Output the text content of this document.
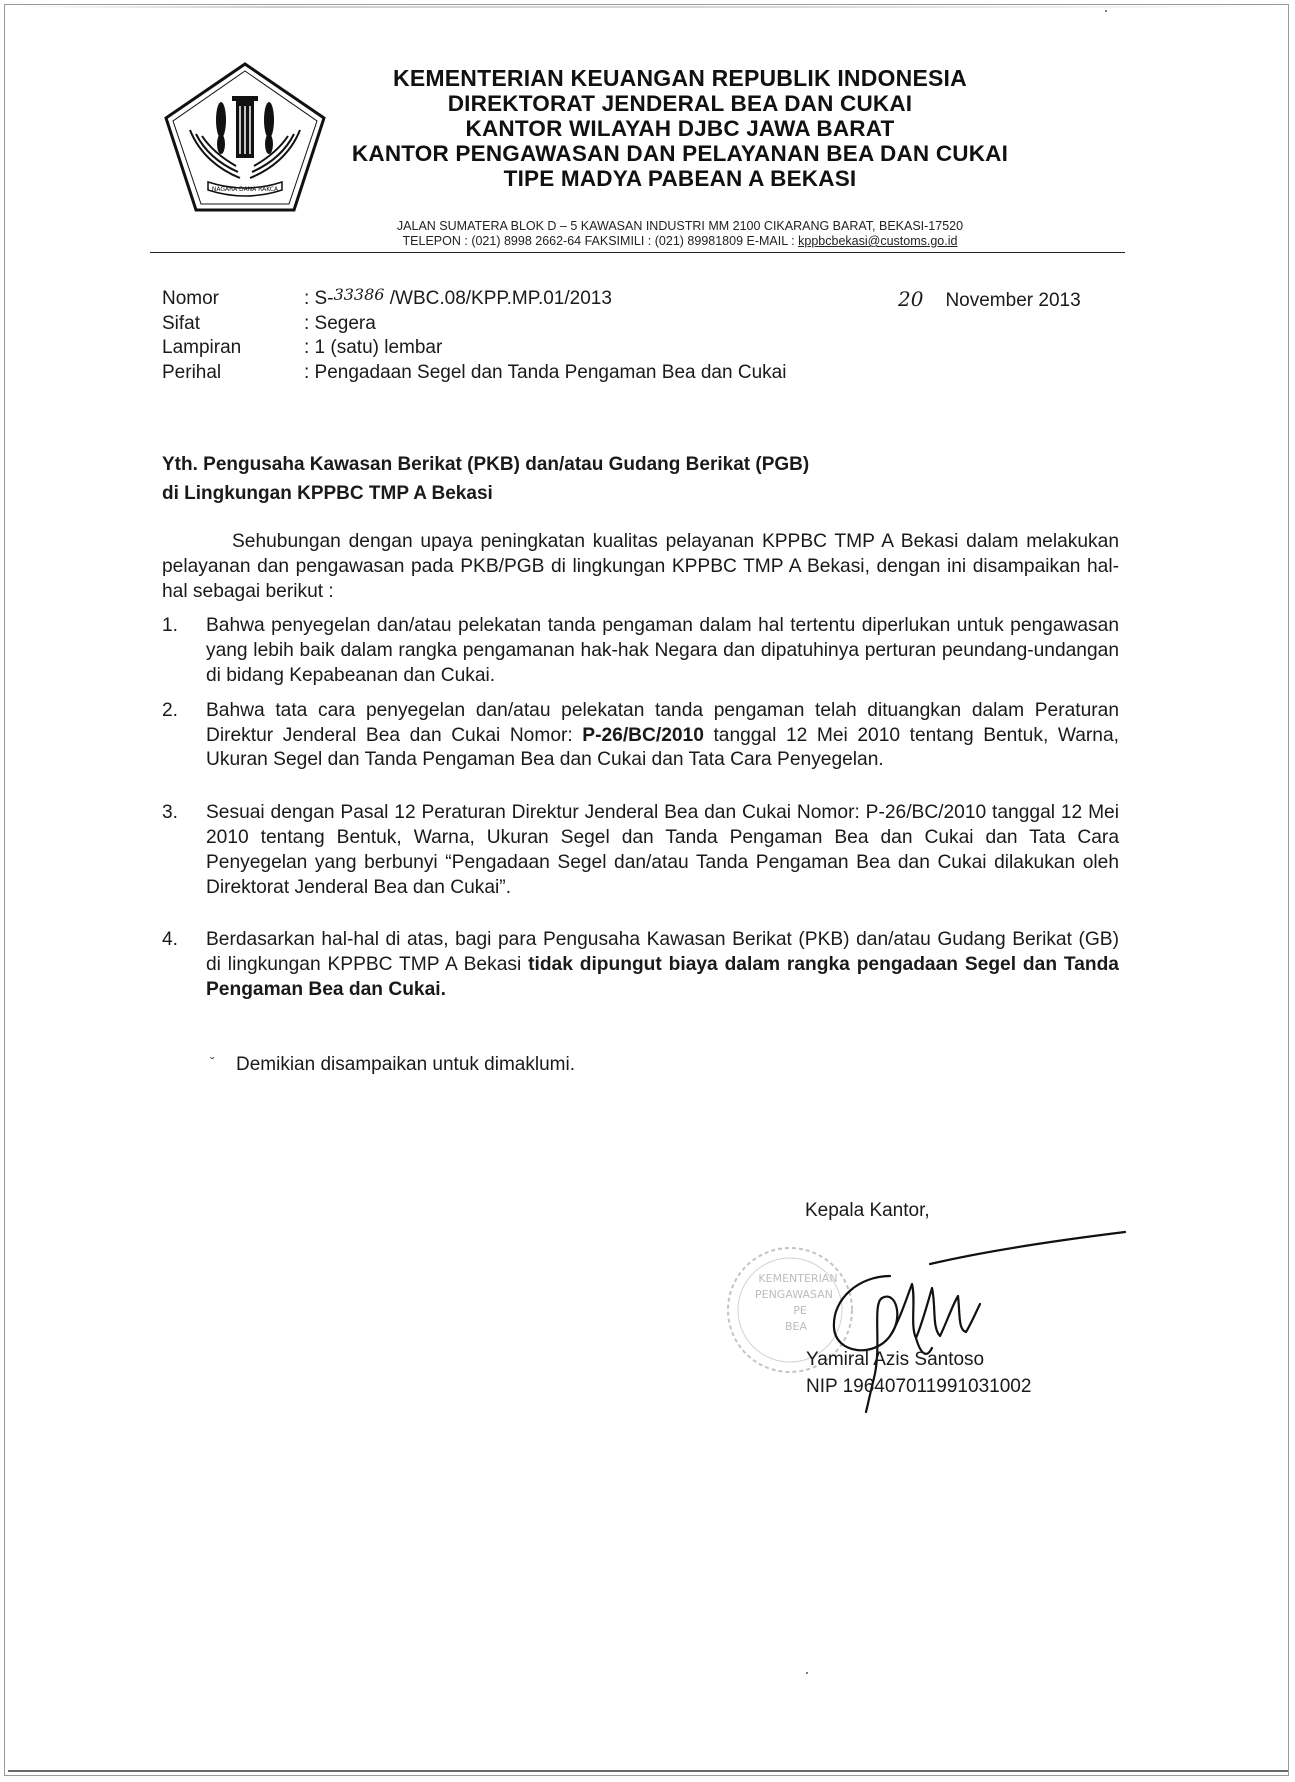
NAGARA DANA RAKCA
KEMENTERIAN KEUANGAN REPUBLIK INDONESIA
DIREKTORAT JENDERAL BEA DAN CUKAI
KANTOR WILAYAH DJBC JAWA BARAT
KANTOR PENGAWASAN DAN PELAYANAN BEA DAN CUKAI
TIPE MADYA PABEAN A BEKASI
JALAN SUMATERA BLOK D – 5 KAWASAN INDUSTRI MM 2100 CIKARANG BARAT, BEKASI-17520
TELEPON : (021) 8998 2662-64 FAKSIMILI : (021) 89981809 E-MAIL : kppbcbekasi@customs.go.id
Nomor	: S-$^{33386}$ /WBC.08/KPP.MP.01/2013
Sifat	: Segera
Lampiran	: 1 (satu) lembar
Perihal	: Pengadaan Segel dan Tanda Pengaman Bea dan Cukai
20 November 2013
Yth. Pengusaha Kawasan Berikat (PKB) dan/atau Gudang Berikat (PGB)
di Lingkungan KPPBC TMP A Bekasi

Sehubungan dengan upaya peningkatan kualitas pelayanan KPPBC TMP A Bekasi dalam melakukan pelayanan dan pengawasan pada PKB/PGB di lingkungan KPPBC TMP A Bekasi, dengan ini disampaikan hal-hal sebagai berikut :

1. Bahwa penyegelan dan/atau pelekatan tanda pengaman dalam hal tertentu diperlukan untuk pengawasan yang lebih baik dalam rangka pengamanan hak-hak Negara dan dipatuhinya perturan peundang-undangan di bidang Kepabeanan dan Cukai.
2. Bahwa tata cara penyegelan dan/atau pelekatan tanda pengaman telah dituangkan dalam Peraturan Direktur Jenderal Bea dan Cukai Nomor: P-26/BC/2010 tanggal 12 Mei 2010 tentang Bentuk, Warna, Ukuran Segel dan Tanda Pengaman Bea dan Cukai dan Tata Cara Penyegelan.
3. Sesuai dengan Pasal 12 Peraturan Direktur Jenderal Bea dan Cukai Nomor: P-26/BC/2010 tanggal 12 Mei 2010 tentang Bentuk, Warna, Ukuran Segel dan Tanda Pengaman Bea dan Cukai dan Tata Cara Penyegelan yang berbunyi “Pengadaan Segel dan/atau Tanda Pengaman Bea dan Cukai dilakukan oleh Direktorat Jenderal Bea dan Cukai”.
4. Berdasarkan hal-hal di atas, bagi para Pengusaha Kawasan Berikat (PKB) dan/atau Gudang Berikat (GB) di lingkungan KPPBC TMP A Bekasi tidak dipungut biaya dalam rangka pengadaan Segel dan Tanda Pengaman Bea dan Cukai.
ˇ Demikian disampaikan untuk dimaklumi.
Kepala Kantor,
KEMENTERIAN
PENGAWASAN
PE
BEA
Yamiral Azis Santoso
NIP 196407011991031002
